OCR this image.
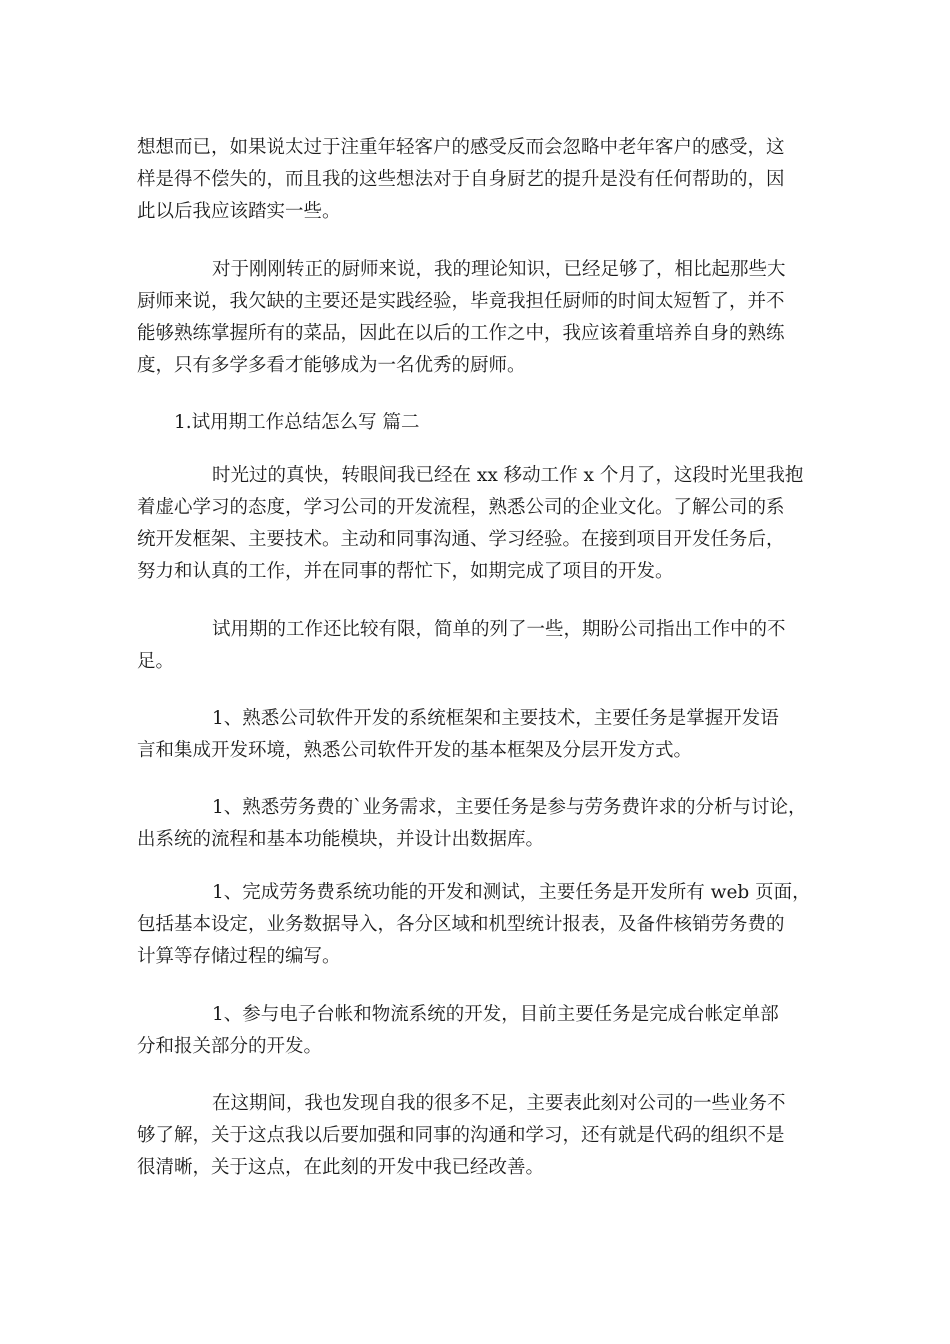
想想而已，如果说太过于注重年轻客户的感受反而会忽略中老年客户的感受，这
样是得不偿失的，而且我的这些想法对于自身厨艺的提升是没有任何帮助的，因
此以后我应该踏实一些。
对于刚刚转正的厨师来说，我的理论知识，已经足够了，相比起那些大
厨师来说，我欠缺的主要还是实践经验，毕竟我担任厨师的时间太短暂了，并不
能够熟练掌握所有的菜品，因此在以后的工作之中，我应该着重培养自身的熟练
度，只有多学多看才能够成为一名优秀的厨师。
1.试用期工作总结怎么写 篇二
时光过的真快，转眼间我已经在 xx 移动工作 x 个月了，这段时光里我抱
着虚心学习的态度，学习公司的开发流程，熟悉公司的企业文化。了解公司的系
统开发框架、主要技术。主动和同事沟通、学习经验。在接到项目开发任务后，
努力和认真的工作，并在同事的帮忙下，如期完成了项目的开发。
试用期的工作还比较有限，简单的列了一些，期盼公司指出工作中的不
足。
1、熟悉公司软件开发的系统框架和主要技术，主要任务是掌握开发语
言和集成开发环境，熟悉公司软件开发的基本框架及分层开发方式。
1、熟悉劳务费的`业务需求，主要任务是参与劳务费许求的分析与讨论，
出系统的流程和基本功能模块，并设计出数据库。
1、完成劳务费系统功能的开发和测试，主要任务是开发所有 web 页面，
包括基本设定，业务数据导入，各分区域和机型统计报表，及备件核销劳务费的
计算等存储过程的编写。
1、参与电子台帐和物流系统的开发，目前主要任务是完成台帐定单部
分和报关部分的开发。
在这期间，我也发现自我的很多不足，主要表此刻对公司的一些业务不
够了解，关于这点我以后要加强和同事的沟通和学习，还有就是代码的组织不是
很清晰，关于这点，在此刻的开发中我已经改善。
